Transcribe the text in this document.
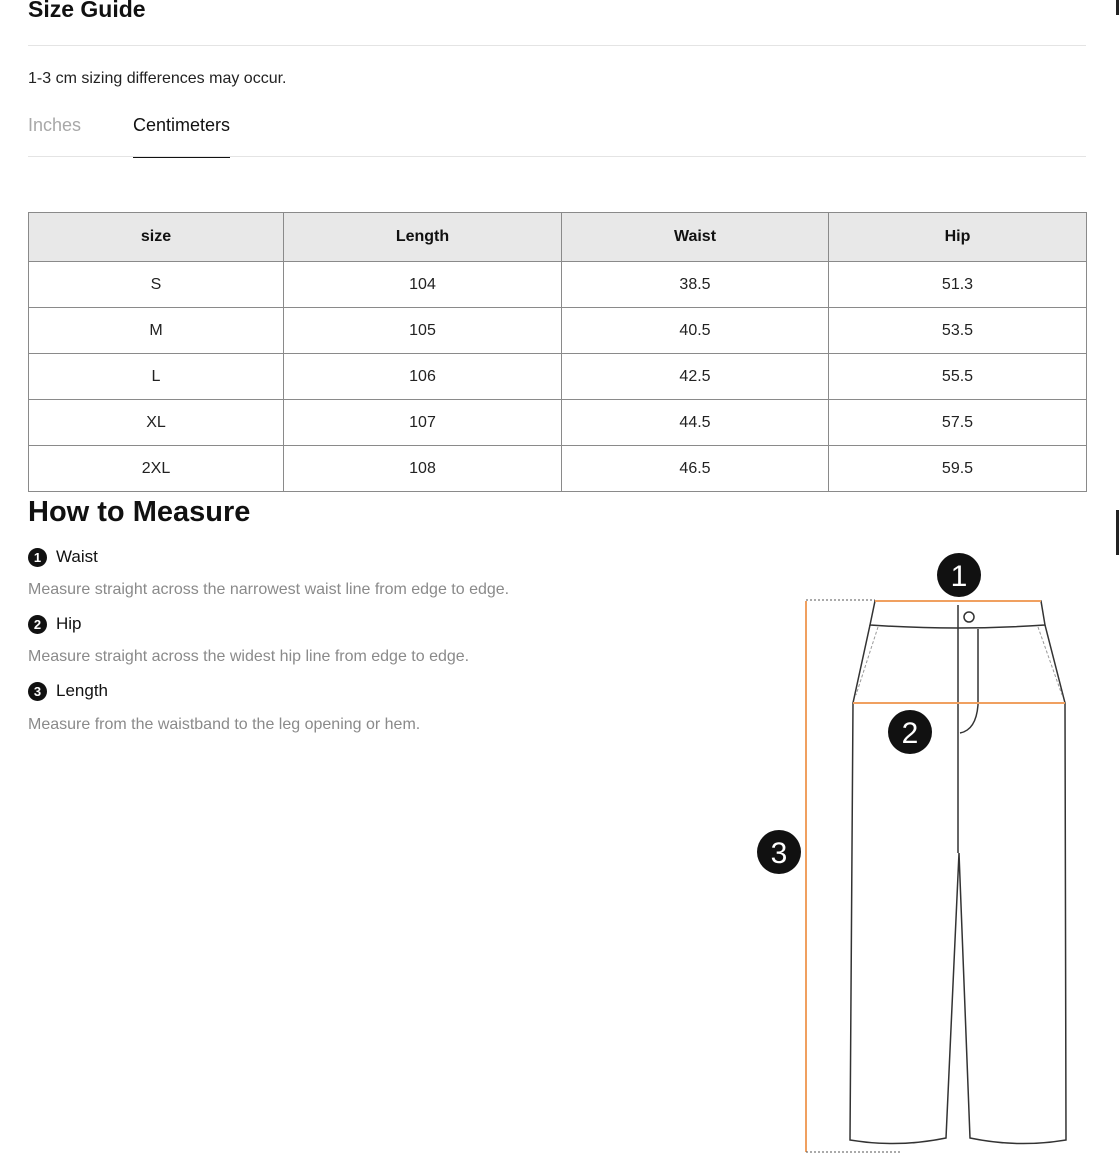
Size Guide
1-3 cm sizing differences may occur.
Inches	Centimeters
size	Length	Waist	Hip
S	104	38.5	51.3
M	105	40.5	53.5
L	106	42.5	55.5
XL	107	44.5	57.5
2XL	108	46.5	59.5
How to Measure
1 Waist
Measure straight across the narrowest waist line from edge to edge.
2 Hip
Measure straight across the widest hip line from edge to edge.
3 Length
Measure from the waistband to the leg opening or hem.
1
2
3
